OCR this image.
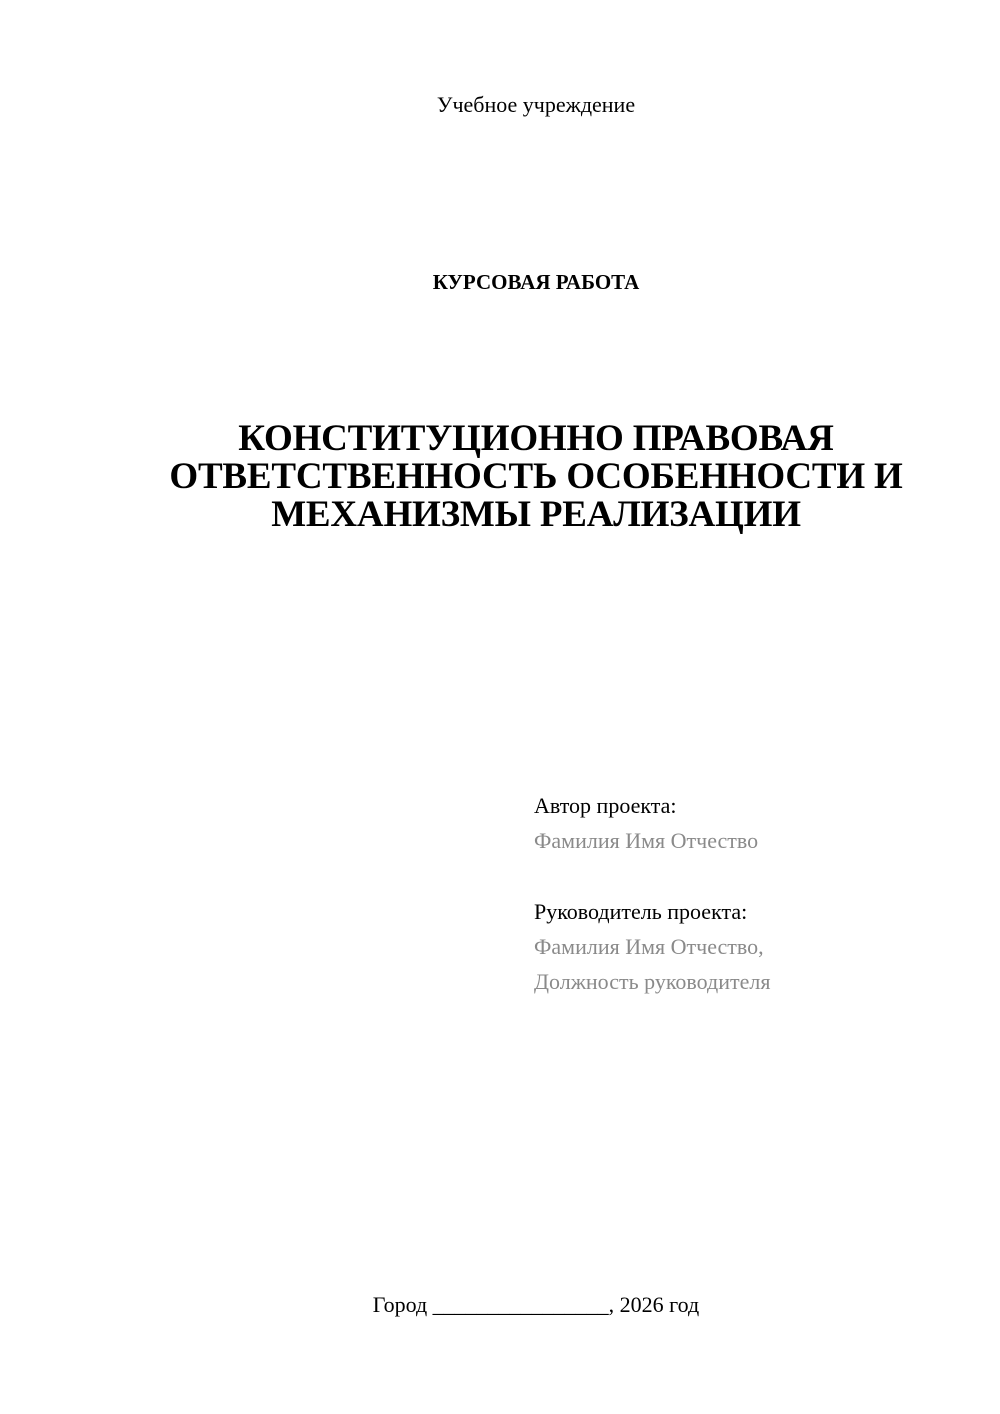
Учебное учреждение
КУРСОВАЯ РАБОТА
КОНСТИТУЦИОННО ПРАВОВАЯ
ОТВЕТСТВЕННОСТЬ ОСОБЕННОСТИ И
МЕХАНИЗМЫ РЕАЛИЗАЦИИ
Автор проекта:
Фамилия Имя Отчество
Руководитель проекта:
Фамилия Имя Отчество,
Должность руководителя
Город ________________, 2026 год
